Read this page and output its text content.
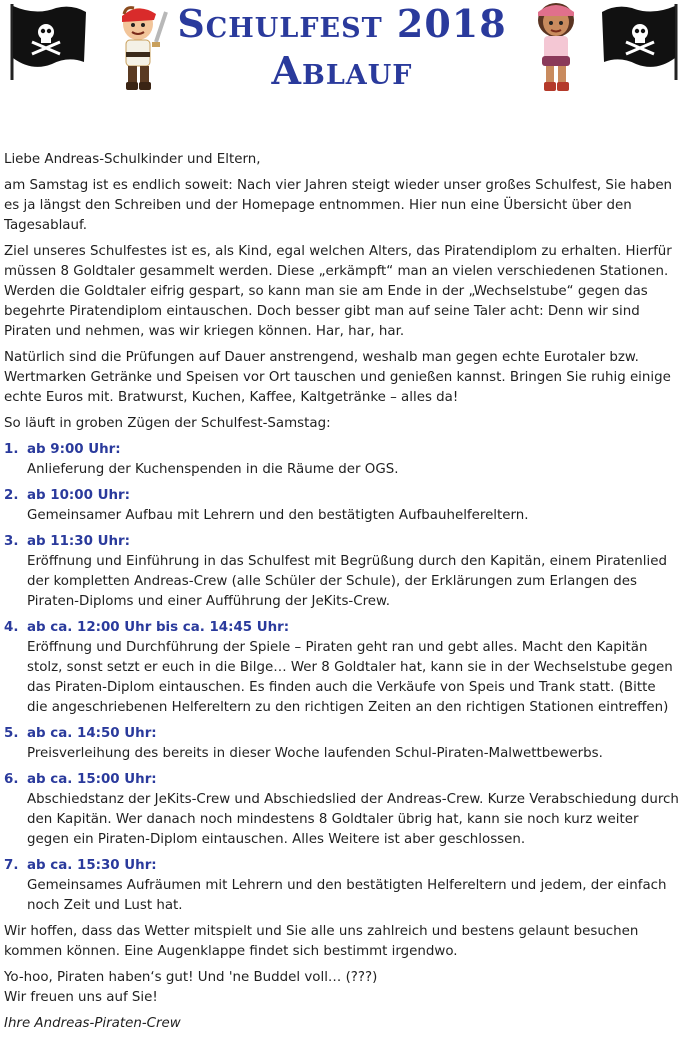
Schulfest 2018
Ablauf

Liebe Andreas-Schulkinder und Eltern,

am Samstag ist es endlich soweit: Nach vier Jahren steigt wieder unser großes Schulfest, Sie haben es ja längst den Schreiben und der Homepage entnommen. Hier nun eine Übersicht über den Tagesablauf.

Ziel unseres Schulfestes ist es, als Kind, egal welchen Alters, das Piratendiplom zu erhalten. Hierfür müssen 8 Goldtaler gesammelt werden. Diese „erkämpft“ man an vielen verschiedenen Stationen. Werden die Goldtaler eifrig gespart, so kann man sie am Ende in der „Wechselstube“ gegen das begehrte Piratendiplom eintauschen. Doch besser gibt man auf seine Taler acht: Denn wir sind Piraten und nehmen, was wir kriegen können. Har, har, har.

Natürlich sind die Prüfungen auf Dauer anstrengend, weshalb man gegen echte Eurotaler bzw. Wertmarken Getränke und Speisen vor Ort tauschen und genießen kannst. Bringen Sie ruhig einige echte Euros mit. Bratwurst, Kuchen, Kaffee, Kaltgetränke – alles da!

So läuft in groben Zügen der Schulfest-Samstag:

1. ab 9:00 Uhr:
Anlieferung der Kuchenspenden in die Räume der OGS.
2. ab 10:00 Uhr:
Gemeinsamer Aufbau mit Lehrern und den bestätigten Aufbauhelfereltern.
3. ab 11:30 Uhr:
Eröffnung und Einführung in das Schulfest mit Begrüßung durch den Kapitän, einem Piratenlied der kompletten Andreas-Crew (alle Schüler der Schule), der Erklärungen zum Erlangen des Piraten-Diploms und einer Aufführung der JeKits-Crew.
4. ab ca. 12:00 Uhr bis ca. 14:45 Uhr:
Eröffnung und Durchführung der Spiele – Piraten geht ran und gebt alles. Macht den Kapitän stolz, sonst setzt er euch in die Bilge… Wer 8 Goldtaler hat, kann sie in der Wechselstube gegen das Piraten-Diplom eintauschen. Es finden auch die Verkäufe von Speis und Trank statt. (Bitte die angeschriebenen Helfereltern zu den richtigen Zeiten an den richtigen Stationen eintreffen)
5. ab ca. 14:50 Uhr:
Preisverleihung des bereits in dieser Woche laufenden Schul-Piraten-Malwettbewerbs.
6. ab ca. 15:00 Uhr:
Abschiedstanz der JeKits-Crew und Abschiedslied der Andreas-Crew. Kurze Verabschiedung durch den Kapitän. Wer danach noch mindestens 8 Goldtaler übrig hat, kann sie noch kurz weiter gegen ein Piraten-Diplom eintauschen. Alles Weitere ist aber geschlossen.
7. ab ca. 15:30 Uhr:
Gemeinsames Aufräumen mit Lehrern und den bestätigten Helfereltern und jedem, der einfach noch Zeit und Lust hat.

Wir hoffen, dass das Wetter mitspielt und Sie alle uns zahlreich und bestens gelaunt besuchen kommen können. Eine Augenklappe findet sich bestimmt irgendwo.

Yo-hoo, Piraten haben‘s gut! Und 'ne Buddel voll… (???)
Wir freuen uns auf Sie!

Ihre Andreas-Piraten-Crew
